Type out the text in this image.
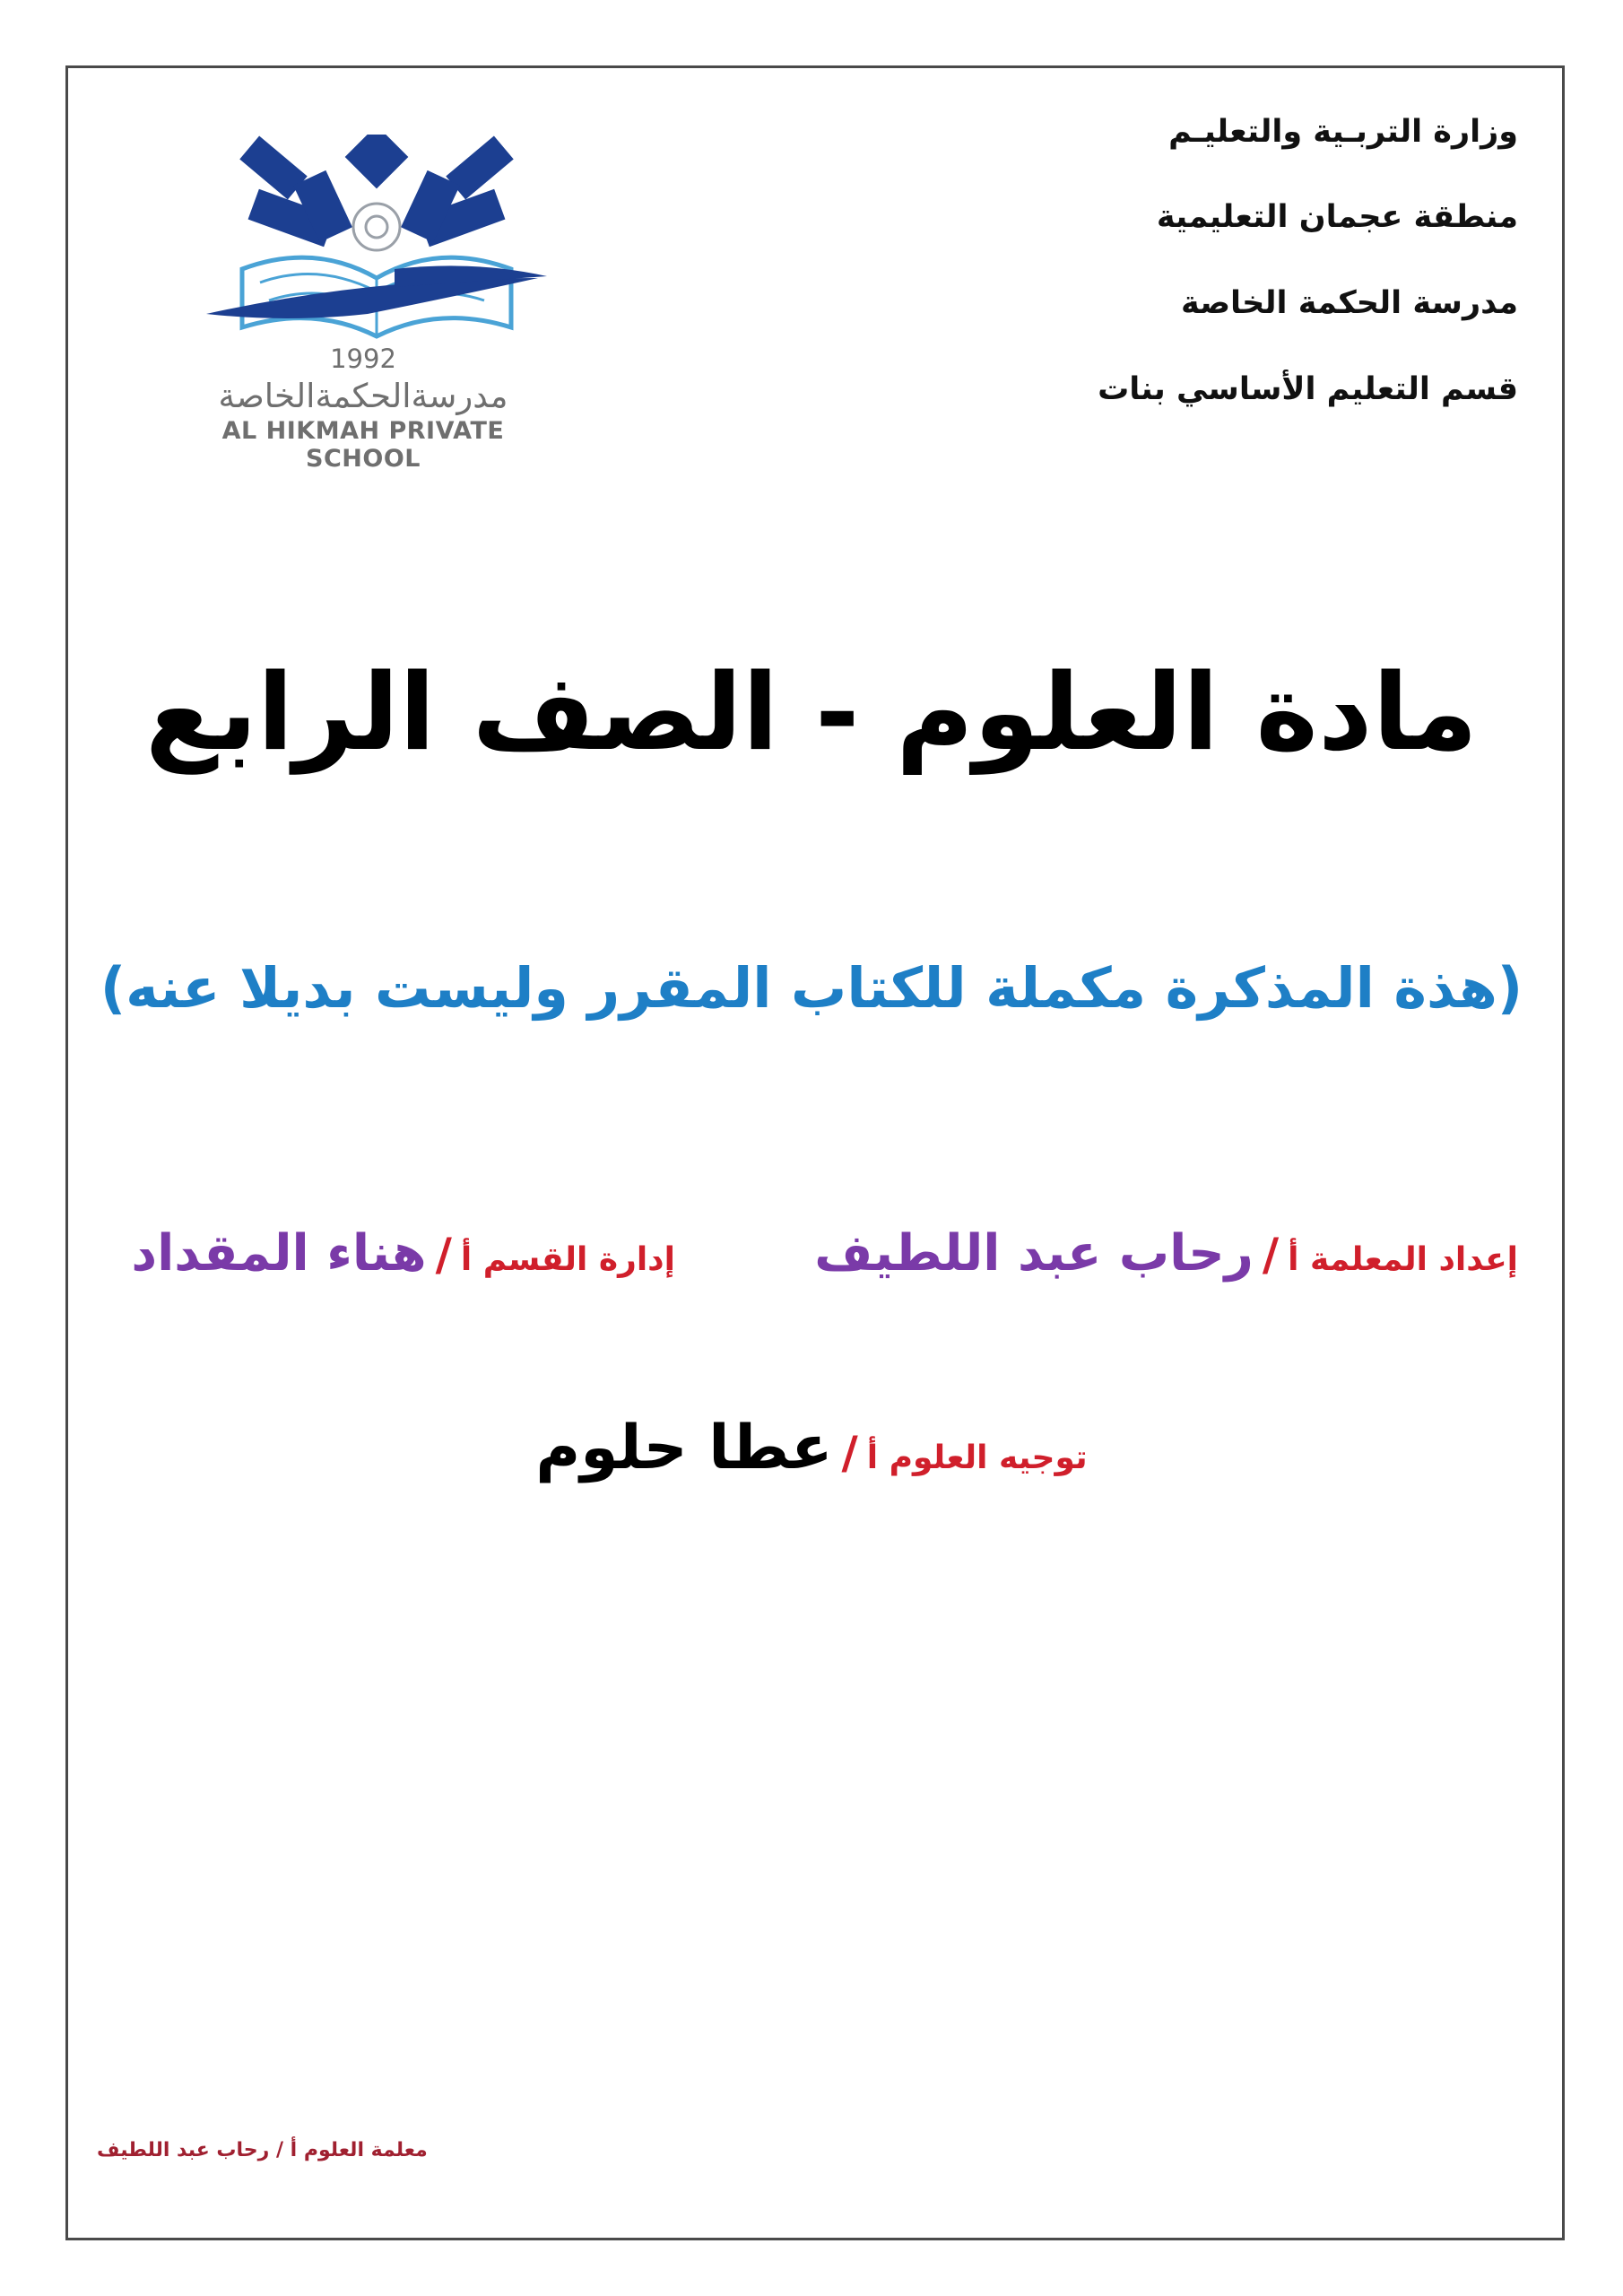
وزارة التربـية والتعليـم
منطقة عجمان التعليمية
مدرسة الحكمة الخاصة
قسم التعليم الأساسي بنات
1992
مدرسةالحكمةالخاصة
AL HIKMAH PRIVATE SCHOOL
مادة العلوم - الصف الرابع
(هذة المذكرة مكملة للكتاب المقرر وليست بديلا عنه)
إعداد المعلمة أ/رحاب عبد اللطيف
إدارة القسم أ/هناء المقداد
توجيه العلوم أ/عطا حلوم
معلمة العلوم أ / رحاب عبد اللطيف
